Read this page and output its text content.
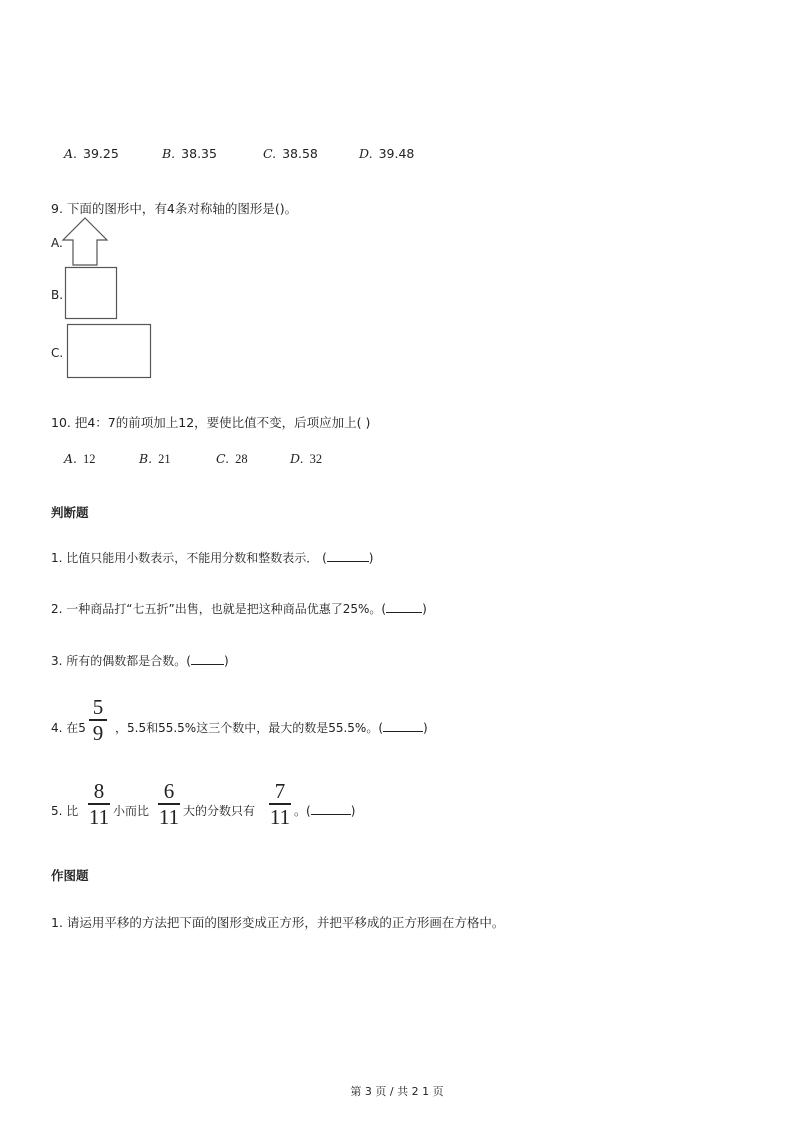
A. 39.25	B. 38.35	C. 38.58	D. 39.48
9. 下面的图形中，有4条对称轴的图形是()。
A.
B.
C.
10. 把4：7的前项加上12，要使比值不变，后项应加上( )
A. 12	B. 21	C. 28	D. 32
判断题
1. 比值只能用小数表示，不能用分数和整数表示． (	)
2. 一种商品打“七五折”出售，也就是把这种商品优惠了25%。(	)
3. 所有的偶数都是合数。(	)
4. 在5
5
9 ，5.5和55.5%这三个数中，最大的数是55.5%。(	)
5. 比
8
11 小而比
6
11 大的分数只有
7
11 。(	)
作图题
1. 请运用平移的方法把下面的图形变成正方形，并把平移成的正方形画在方格中。
第 3 页 / 共 2 1 页
